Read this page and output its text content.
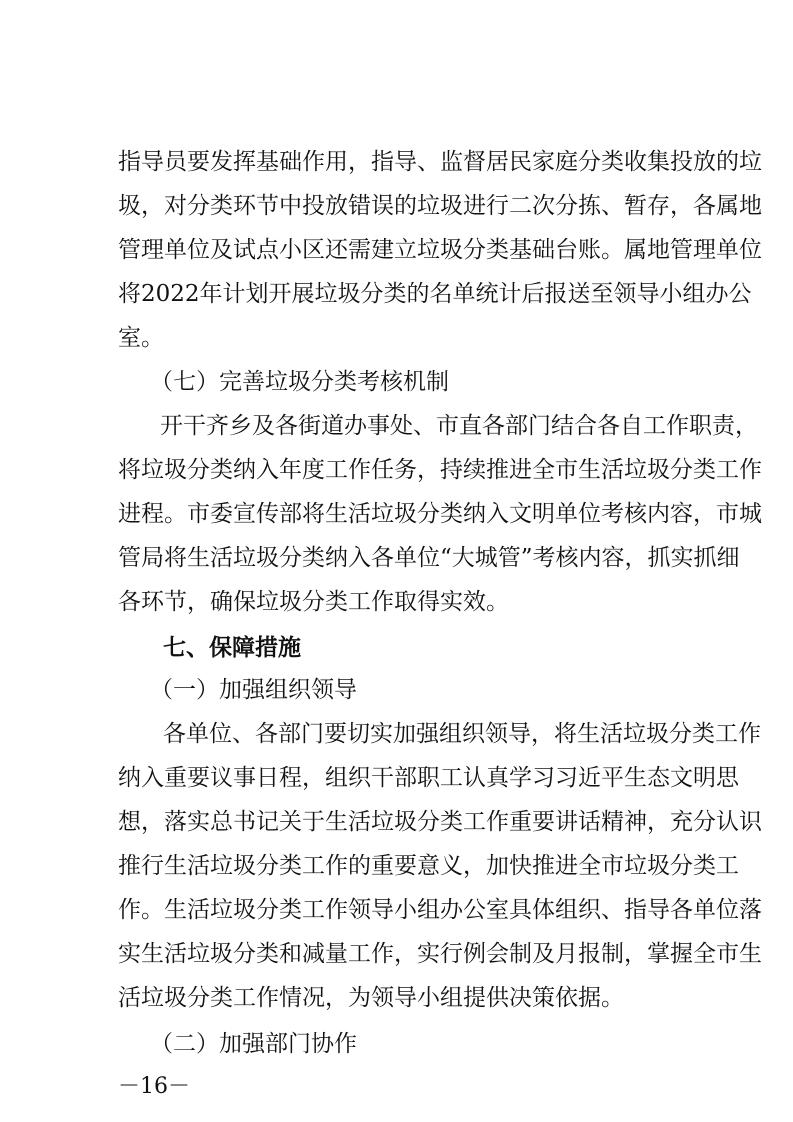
指 导 员 要 发 挥 基 础 作 用 ， 指 导 、 监 督 居 民 家 庭 分 类 收 集 投 放 的 垃
圾 ， 对 分 类 环 节 中 投 放 错 误 的 垃 圾 进 行 二 次 分 拣 、 暂 存 ， 各 属 地
管 理 单 位 及 试 点 小 区 还 需 建 立 垃 圾 分 类 基 础 台 账 。 属 地 管 理 单 位
将 2022 年 计 划 开 展 垃 圾 分 类 的 名 单 统 计 后 报 送 至 领 导 小 组 办 公
室。
（七）完善垃圾分类考核机制
开 干 齐 乡 及 各 街 道 办 事 处 、 市 直 各 部 门 结 合 各 自 工 作 职 责 ，
将 垃 圾 分 类 纳 入 年 度 工 作 任 务 ， 持 续 推 进 全 市 生 活 垃 圾 分 类 工 作
进 程 。 市 委 宣 传 部 将 生 活 垃 圾 分 类 纳 入 文 明 单 位 考 核 内 容 ， 市 城
管 局 将 生 活 垃 圾 分 类 纳 入 各 单 位 “ 大 城 管 ” 考 核 内 容 ， 抓 实 抓 细
各环节，确保垃圾分类工作取得实效。
七、保障措施
（一）加强组织领导
各 单 位 、 各 部 门 要 切 实 加 强 组 织 领 导 ， 将 生 活 垃 圾 分 类 工 作
纳 入 重 要 议 事 日 程 ， 组 织 干 部 职 工 认 真 学 习 习 近 平 生 态 文 明 思
想 ， 落 实 总 书 记 关 于 生 活 垃 圾 分 类 工 作 重 要 讲 话 精 神 ， 充 分 认 识
推 行 生 活 垃 圾 分 类 工 作 的 重 要 意 义 ， 加 快 推 进 全 市 垃 圾 分 类 工
作 。 生 活 垃 圾 分 类 工 作 领 导 小 组 办 公 室 具 体 组 织 、 指 导 各 单 位 落
实 生 活 垃 圾 分 类 和 减 量 工 作 ， 实 行 例 会 制 及 月 报 制 ， 掌 握 全 市 生
活垃圾分类工作情况，为领导小组提供决策依据。
（二）加强部门协作
－16－
